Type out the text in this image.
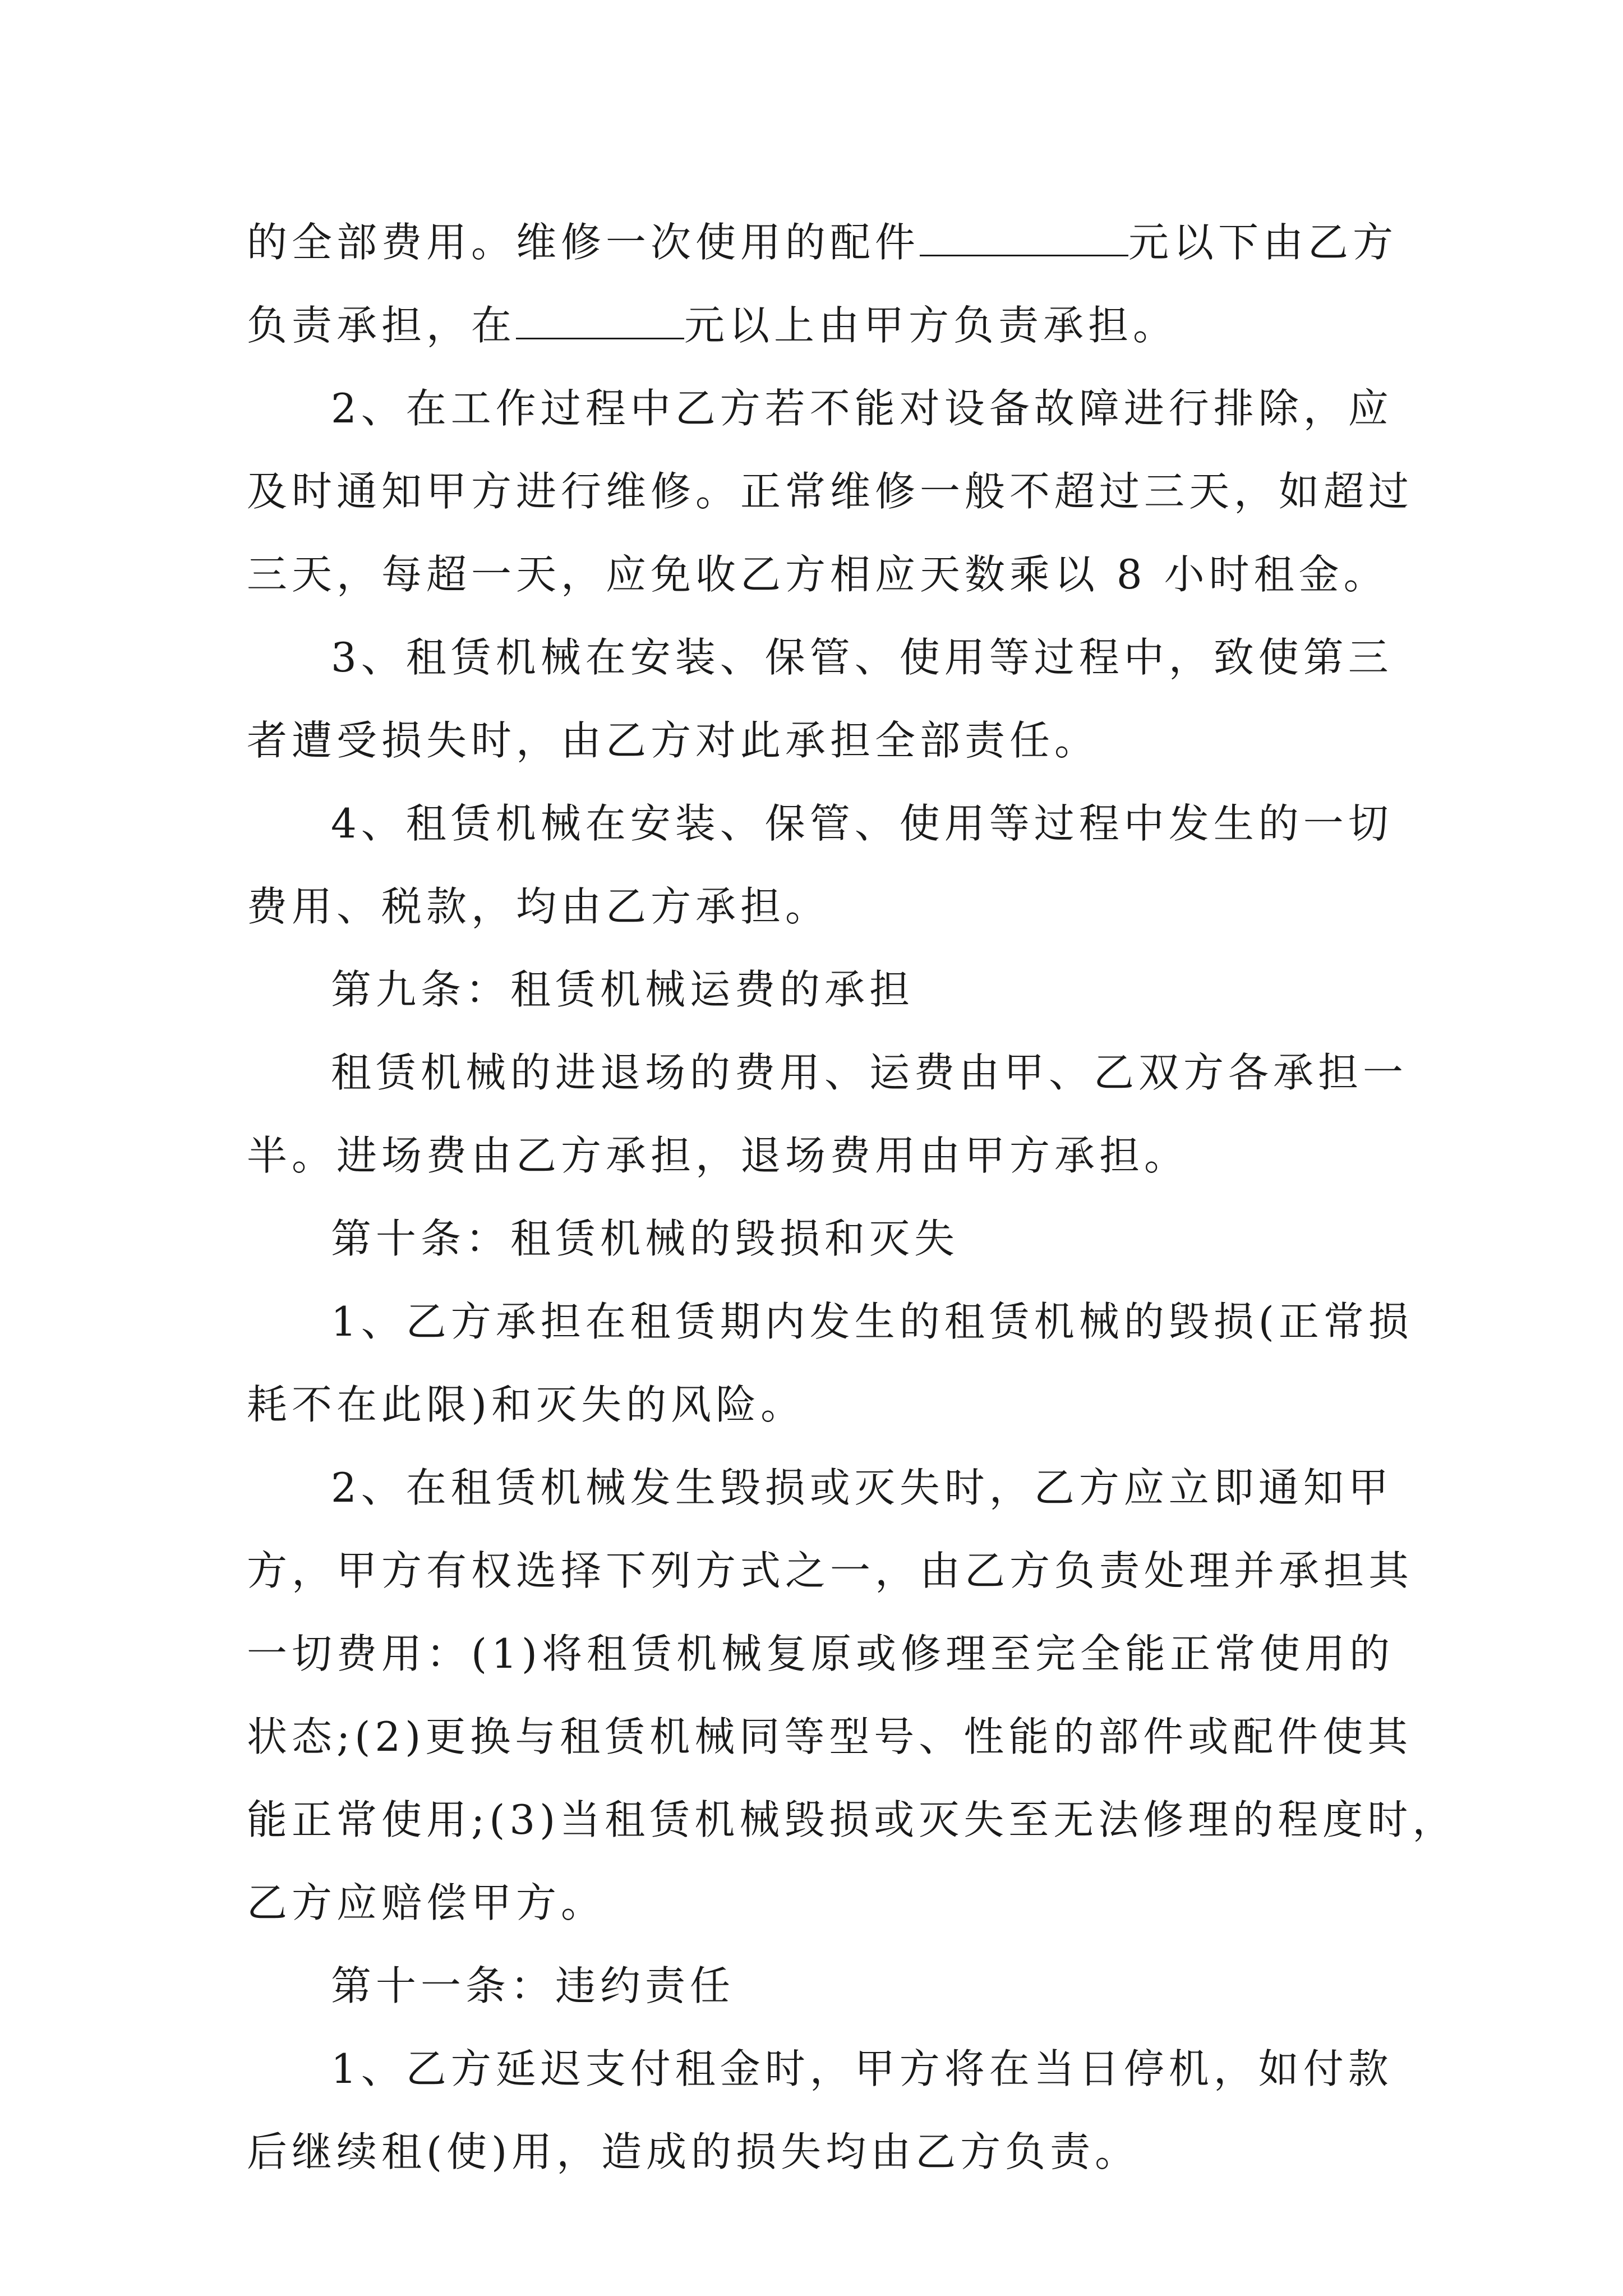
的全部费用。维修一次使用的配件	元以下由乙方
负责承担，在	元以上由甲方负责承担。
2、在工作过程中乙方若不能对设备故障进行排除，应
及时通知甲方进行维修。正常维修一般不超过三天，如超过
三天，每超一天，应免收乙方相应天数乘以 8 小时租金。
3、租赁机械在安装、保管、使用等过程中，致使第三
者遭受损失时，由乙方对此承担全部责任。
4、租赁机械在安装、保管、使用等过程中发生的一切
费用、税款，均由乙方承担。
第九条：租赁机械运费的承担
租赁机械的进退场的费用、运费由甲、乙双方各承担一
半。进场费由乙方承担，退场费用由甲方承担。
第十条：租赁机械的毁损和灭失
1、乙方承担在租赁期内发生的租赁机械的毁损(正常损
耗不在此限)和灭失的风险。
2、在租赁机械发生毁损或灭失时，乙方应立即通知甲
方，甲方有权选择下列方式之一，由乙方负责处理并承担其
一切费用：(1)将租赁机械复原或修理至完全能正常使用的
状态;(2)更换与租赁机械同等型号、性能的部件或配件使其
能正常使用;(3)当租赁机械毁损或灭失至无法修理的程度时，
乙方应赔偿甲方。
第十一条：违约责任
1、乙方延迟支付租金时，甲方将在当日停机，如付款
后继续租(使)用，造成的损失均由乙方负责。
